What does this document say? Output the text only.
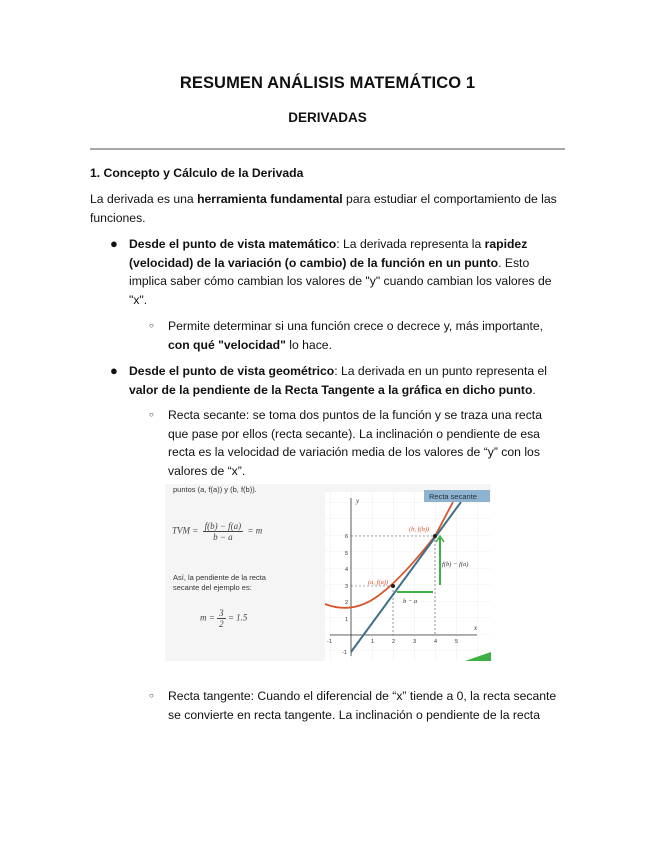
RESUMEN ANÁLISIS MATEMÁTICO 1
DERIVADAS
1. Concepto y Cálculo de la Derivada

La derivada es una herramienta fundamental para estudiar el comportamiento de las funciones.

● Desde el punto de vista matemático: La derivada representa la rapidez (velocidad) de la variación (o cambio) de la función en un punto. Esto implica saber cómo cambian los valores de "y" cuando cambian los valores de "x".

○ Permite determinar si una función crece o decrece y, más importante, con qué "velocidad" lo hace.

● Desde el punto de vista geométrico: La derivada en un punto representa el valor de la pendiente de la Recta Tangente a la gráfica en dicho punto.

○ Recta secante: se toma dos puntos de la función y se traza una recta que pase por ellos (recta secante). La inclinación o pendiente de esa recta es la velocidad de variación media de los valores de “y” con los valores de “x”.

puntos (a, f(a)) y (b, f(b)).
TVM = $\frac{f(b) - f(a)}{b - a} = m$
Así, la pendiente de la recta secante del ejemplo es:
$m = \frac{3}{2} = 1.5$
y
x
-1	1	2	3	4	5
1
2
3
4
5
6
-1
(b, f(b))
(a, f(a))
f(b) − f(a)
b − a
Recta secante
○ Recta tangente: Cuando el diferencial de “x” tiende a 0, la recta secante se convierte en recta tangente. La inclinación o pendiente de la recta
